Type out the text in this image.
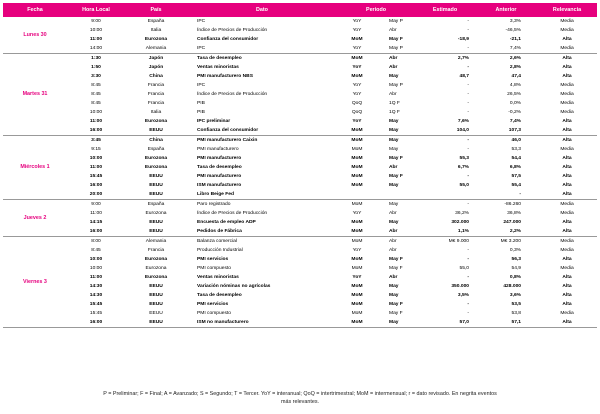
Fecha	Hora Local	País	Dato	Periodo		Estimado	Anterior	Relevancia
Lunes 30	9:00	España	IPC	YoY	May P	-	3,3%	Media
	10:00	Italia	Índice de Precios de Producción	YoY	Abr	-	-46,5%	Media
	11:00	Eurozona	Confianza del consumidor	MoM	May F	-18,9	-21,1	Alta
	14:00	Alemania	IPC	YoY	May P	-	7,4%	Media
Martes 31	1:30	Japón	Tasa de desempleo	MoM	Abr	2,7%	2,6%	Alta
	1:50	Japón	Ventas minoristas	YoY	Abr	-	2,8%	Alta
	3:30	China	PMI manufacturero NBS	MoM	May	48,7	47,4	Alta
	8:45	Francia	IPC	YoY	May P	-	4,8%	Media
	8:45	Francia	Índice de Precios de Producción	YoY	Abr	-	26,5%	Media
	8:45	Francia	PIB	QoQ	1Q F	-	0,0%	Media
	10:00	Italia	PIB	QoQ	1Q F	-	-0,2%	Media
	11:00	Eurozona	IPC preliminar	YoY	May	7,6%	7,4%	Alta
	16:00	EEUU	Confianza del consumidor	MoM	May	104,0	107,3	Alta
Miércoles 1	3:45	China	PMI manufacturero Caixin	MoM	May	-	46,0	Alta
	9:15	España	PMI manufacturero	MoM	May	-	53,3	Media
	10:00	Eurozona	PMI manufacturero	MoM	May F	55,3	54,4	Alta
	11:00	Eurozona	Tasa de desempleo	MoM	Abr	6,7%	6,8%	Alta
	15:45	EEUU	PMI manufacturero	MoM	May F	-	57,5	Alta
	16:00	EEUU	ISM manufacturero	MoM	May	55,0	55,4	Alta
	20:00	EEUU	Libro Beige Fed				-	Alta
Jueves 2	9:00	España	Paro registrado	MoM	May	-	-86.260	Media
	11:00	Eurozona	Índice de Precios de Producción	YoY	Abr	36,2%	36,8%	Media
	14:15	EEUU	Encuesta de empleo ADP	MoM	May	302.000	247.000	Alta
	16:00	EEUU	Pedidos de Fábrica	MoM	Abr	1,1%	2,2%	Alta
Viernes 3	8:00	Alemania	Balanza comercial	MoM	Abr	M€ 9.000	M€ 3.200	Media
	8:45	Francia	Producción Industrial	YoY	Abr	-	0,3%	Media
	10:00	Eurozona	PMI servicios	MoM	May F	-	56,3	Alta
	10:00	Eurozona	PMI compuesto	MoM	May F	55,0	54,9	Media
	11:00	Eurozona	Ventas minoristas	YoY	Abr	-	0,8%	Alta
	14:30	EEUU	Variación nóminas no agrícolas	MoM	May	350.000	428.000	Alta
	14:30	EEUU	Tasa de desempleo	MoM	May	3,5%	3,6%	Alta
	15:45	EEUU	PMI servicios	MoM	May F	-	53,5	Alta
	15:45	EEUU	PMI compuesto	MoM	May F	-	53,8	Media
	16:00	EEUU	ISM no manufacturero	MoM	May	57,0	57,1	Alta
P = Preliminar; F = Final; A = Avanzado; S = Segundo; T = Tercer. YoY = interanual; QoQ = intertrimestral; MoM = intermensual; r = dato revisado. En negrita eventos más relevantes.
